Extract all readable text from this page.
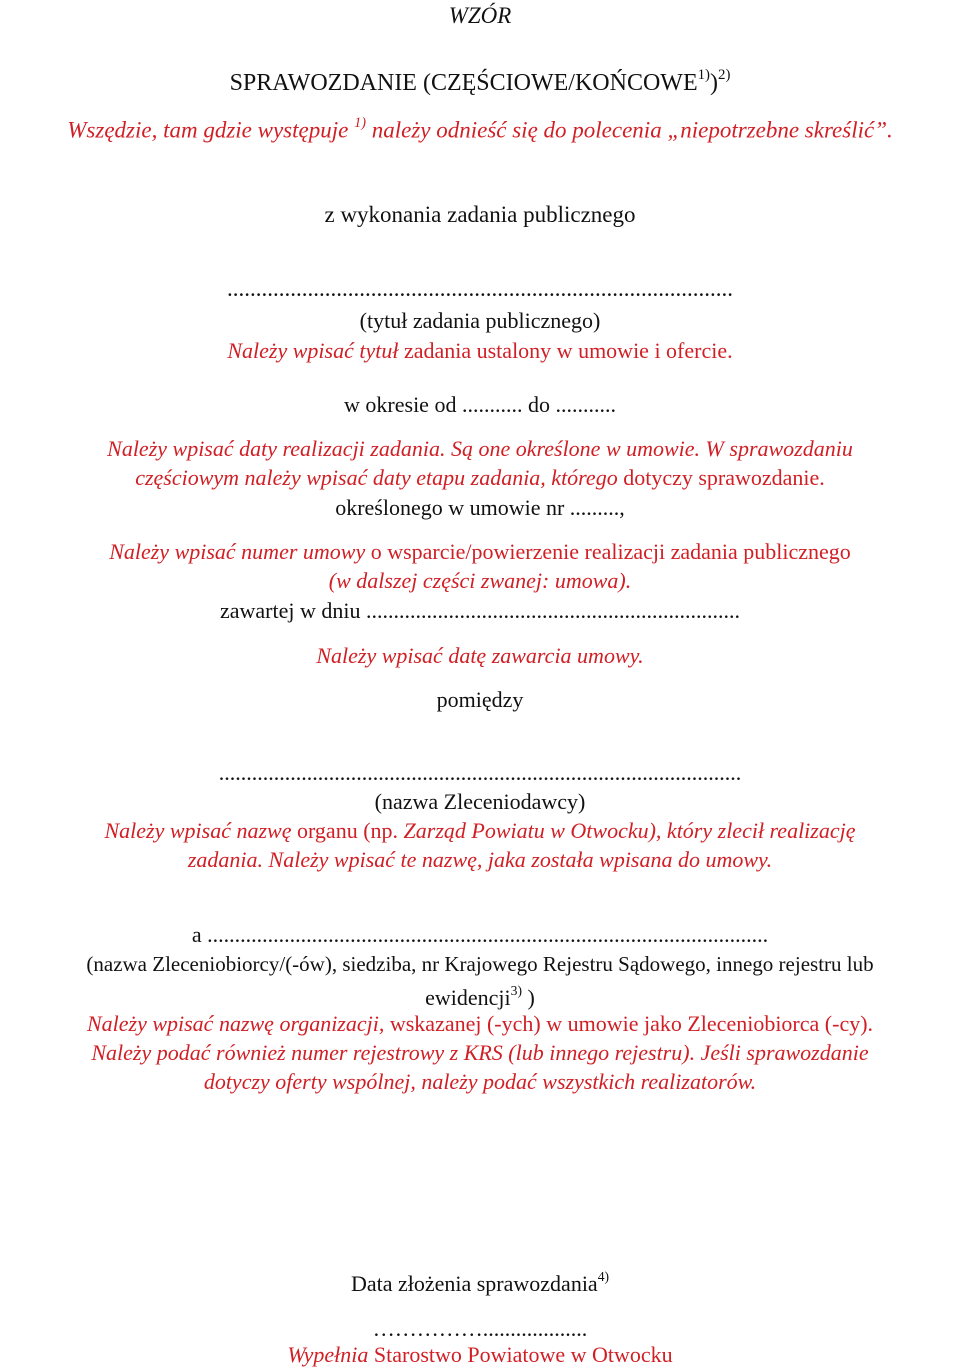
WZÓR
SPRAWOZDANIE (CZĘŚCIOWE/KOŃCOWE$^{1)}$)$^{2)}$
Wszędzie, tam gdzie występuje $^{1)}$ należy odnieść się do polecenia „niepotrzebne skreślić”.
z wykonania zadania publicznego
........................................................................................
(tytuł zadania publicznego)
Należy wpisać tytuł zadania ustalony w umowie i ofercie.
w okresie od ........... do ...........
Należy wpisać daty realizacji zadania. Są one określone w umowie. W sprawozdaniu
częściowym należy wpisać daty etapu zadania, którego dotyczy sprawozdanie.
określonego w umowie nr .........,
Należy wpisać numer umowy o wsparcie/powierzenie realizacji zadania publicznego
(w dalszej części zwanej: umowa).
zawartej w dniu ....................................................................
Należy wpisać datę zawarcia umowy.
pomiędzy
...............................................................................................
(nazwa Zleceniodawcy)
Należy wpisać nazwę organu (np. Zarząd Powiatu w Otwocku), który zlecił realizację
zadania. Należy wpisać te nazwę, jaka została wpisana do umowy.
a ......................................................................................................
(nazwa Zleceniobiorcy/(-ów), siedziba, nr Krajowego Rejestru Sądowego, innego rejestru lub
ewidencji$^{3)}$ )
Należy wpisać nazwę organizacji, wskazanej (-ych) w umowie jako Zleceniobiorca (-cy).
Należy podać również numer rejestrowy z KRS (lub innego rejestru). Jeśli sprawozdanie
dotyczy oferty wspólnej, należy podać wszystkich realizatorów.
Data złożenia sprawozdania$^{4)}$
……………...................
Wypełnia Starostwo Powiatowe w Otwocku
